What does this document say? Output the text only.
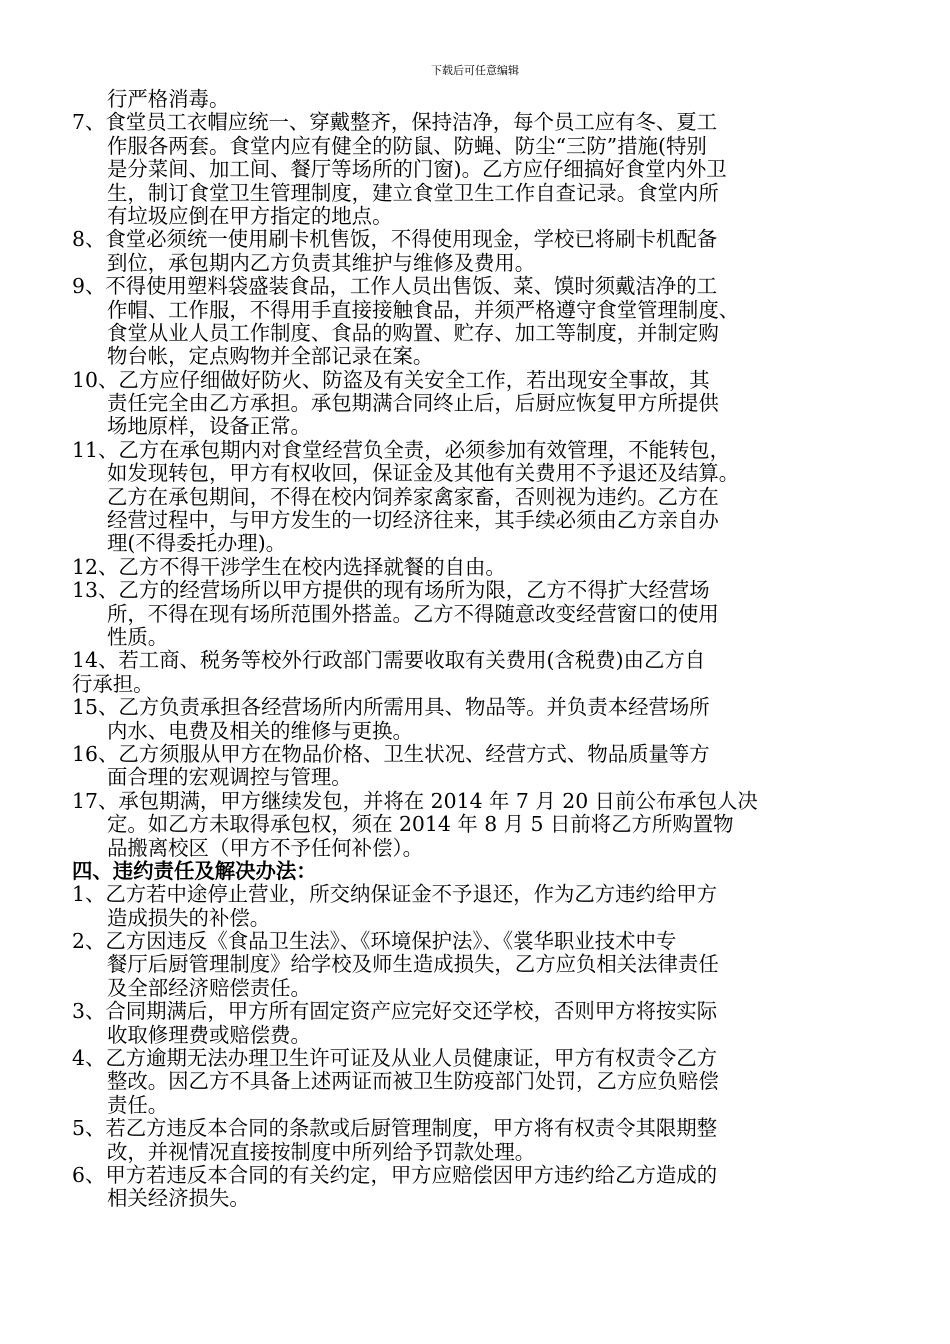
下载后可任意编辑
行严格消毒。
7、食堂员工衣帽应统一、穿戴整齐，保持洁净，每个员工应有冬、夏工
作服各两套。食堂内应有健全的防鼠、防蝇、防尘“三防”措施(特别
是分菜间、加工间、餐厅等场所的门窗)。乙方应仔细搞好食堂内外卫
生，制订食堂卫生管理制度，建立食堂卫生工作自查记录。食堂内所
有垃圾应倒在甲方指定的地点。
8、食堂必须统一使用刷卡机售饭，不得使用现金，学校已将刷卡机配备
到位，承包期内乙方负责其维护与维修及费用。
9、不得使用塑料袋盛装食品，工作人员出售饭、菜、馍时须戴洁净的工
作帽、工作服，不得用手直接接触食品，并须严格遵守食堂管理制度、
食堂从业人员工作制度、食品的购置、贮存、加工等制度，并制定购
物台帐，定点购物并全部记录在案。
10、乙方应仔细做好防火、防盗及有关安全工作，若出现安全事故，其
责任完全由乙方承担。承包期满合同终止后，后厨应恢复甲方所提供
场地原样，设备正常。
11、乙方在承包期内对食堂经营负全责，必须参加有效管理，不能转包，
如发现转包，甲方有权收回，保证金及其他有关费用不予退还及结算。
乙方在承包期间，不得在校内饲养家禽家畜，否则视为违约。乙方在
经营过程中，与甲方发生的一切经济往来，其手续必须由乙方亲自办
理(不得委托办理)。
12、乙方不得干涉学生在校内选择就餐的自由。
13、乙方的经营场所以甲方提供的现有场所为限，乙方不得扩大经营场
所，不得在现有场所范围外搭盖。乙方不得随意改变经营窗口的使用
性质。
14、若工商、税务等校外行政部门需要收取有关费用(含税费)由乙方自
行承担。
15、乙方负责承担各经营场所内所需用具、物品等。并负责本经营场所
内水、电费及相关的维修与更换。
16、乙方须服从甲方在物品价格、卫生状况、经营方式、物品质量等方
面合理的宏观调控与管理。
17、承包期满，甲方继续发包，并将在 2014 年 7 月 20 日前公布承包人决
定。如乙方未取得承包权，须在 2014 年 8 月 5 日前将乙方所购置物
品搬离校区（甲方不予任何补偿）。
四、违约责任及解决办法：
1、乙方若中途停止营业，所交纳保证金不予退还，作为乙方违约给甲方
造成损失的补偿。
2、乙方因违反《食品卫生法》、《环境保护法》、《裳华职业技术中专
餐厅后厨管理制度》给学校及师生造成损失，乙方应负相关法律责任
及全部经济赔偿责任。
3、合同期满后，甲方所有固定资产应完好交还学校，否则甲方将按实际
收取修理费或赔偿费。
4、乙方逾期无法办理卫生许可证及从业人员健康证，甲方有权责令乙方
整改。因乙方不具备上述两证而被卫生防疫部门处罚，乙方应负赔偿
责任。
5、若乙方违反本合同的条款或后厨管理制度，甲方将有权责令其限期整
改，并视情况直接按制度中所列给予罚款处理。
6、甲方若违反本合同的有关约定，甲方应赔偿因甲方违约给乙方造成的
相关经济损失。
